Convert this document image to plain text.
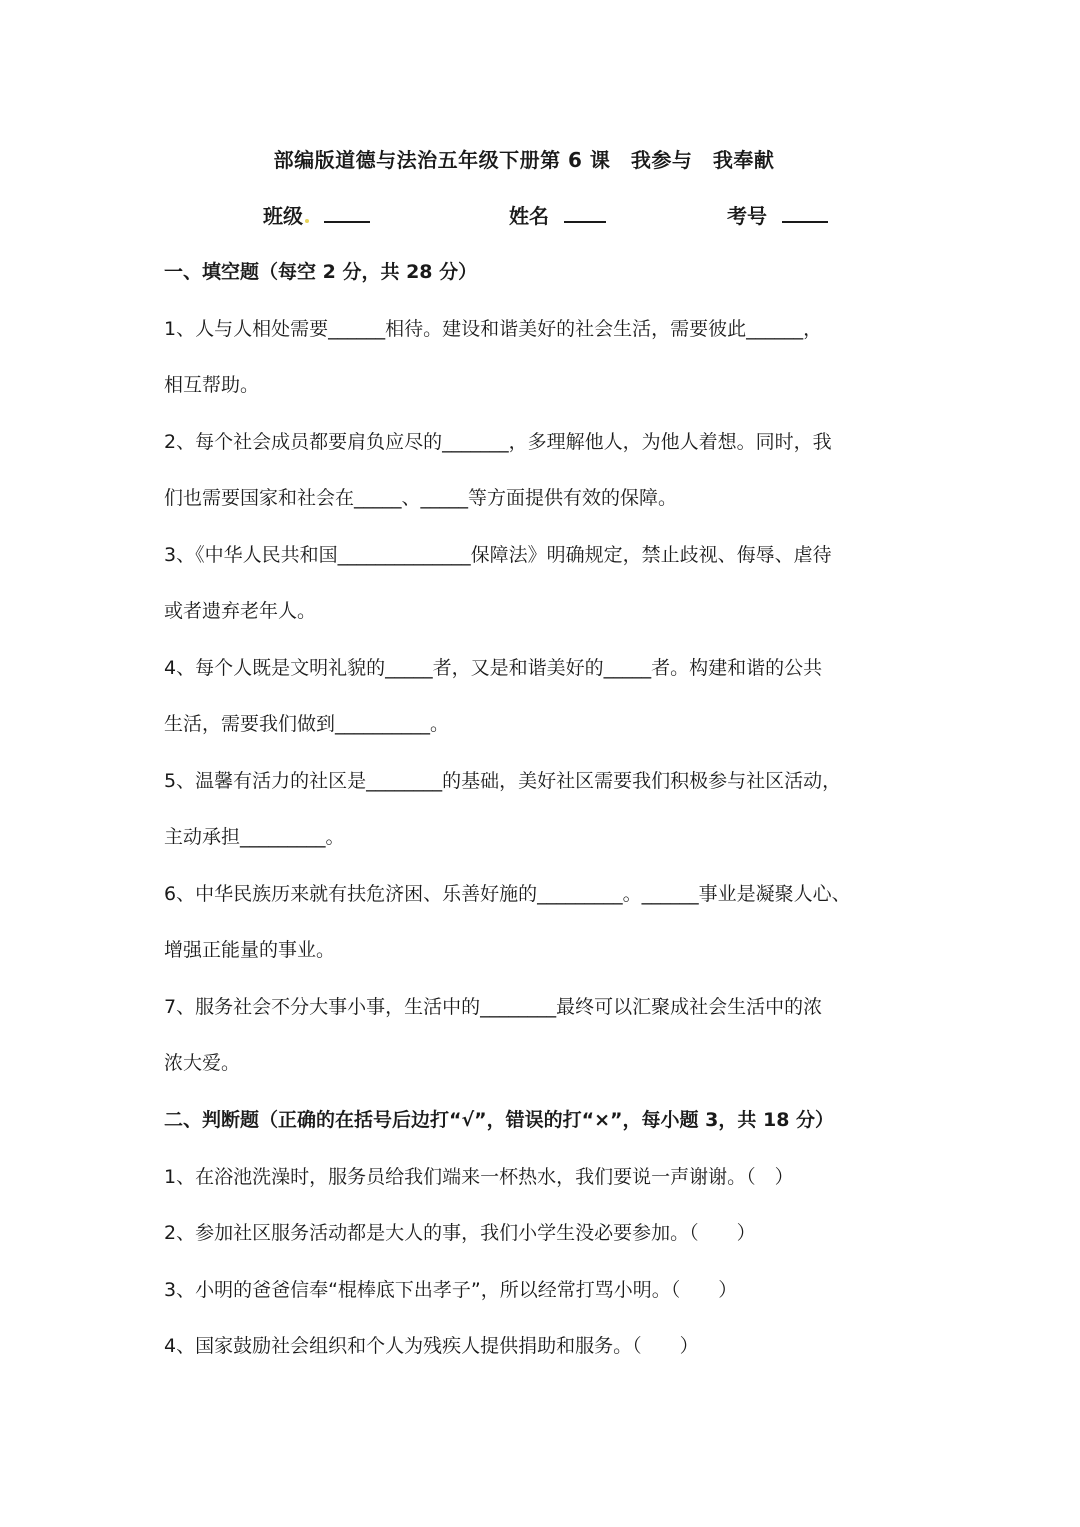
部编版道德与法治五年级下册第 6 课　我参与　我奉献
班级	姓名	考号
一、填空题（每空 2 分，共 28 分）
1、人与人相处需要______相待。建设和谐美好的社会生活，需要彼此______，
相互帮助。
2、每个社会成员都要肩负应尽的_______，多理解他人，为他人着想。同时，我
们也需要国家和社会在_____、_____等方面提供有效的保障。
3、《中华人民共和国______________保障法》明确规定，禁止歧视、侮辱、虐待
或者遗弃老年人。
4、每个人既是文明礼貌的_____者，又是和谐美好的_____者。构建和谐的公共
生活，需要我们做到__________。
5、温馨有活力的社区是________的基础，美好社区需要我们积极参与社区活动，
主动承担_________。
6、中华民族历来就有扶危济困、乐善好施的_________。______事业是凝聚人心、
增强正能量的事业。
7、服务社会不分大事小事，生活中的________最终可以汇聚成社会生活中的浓
浓大爱。
二、判断题（正确的在括号后边打“√”，错误的打“×”，每小题 3，共 18 分）
1、在浴池洗澡时，服务员给我们端来一杯热水，我们要说一声谢谢。（　）
2、参加社区服务活动都是大人的事，我们小学生没必要参加。（　　）
3、小明的爸爸信奉“棍棒底下出孝子”，所以经常打骂小明。（　　）
4、国家鼓励社会组织和个人为残疾人提供捐助和服务。（　　）
